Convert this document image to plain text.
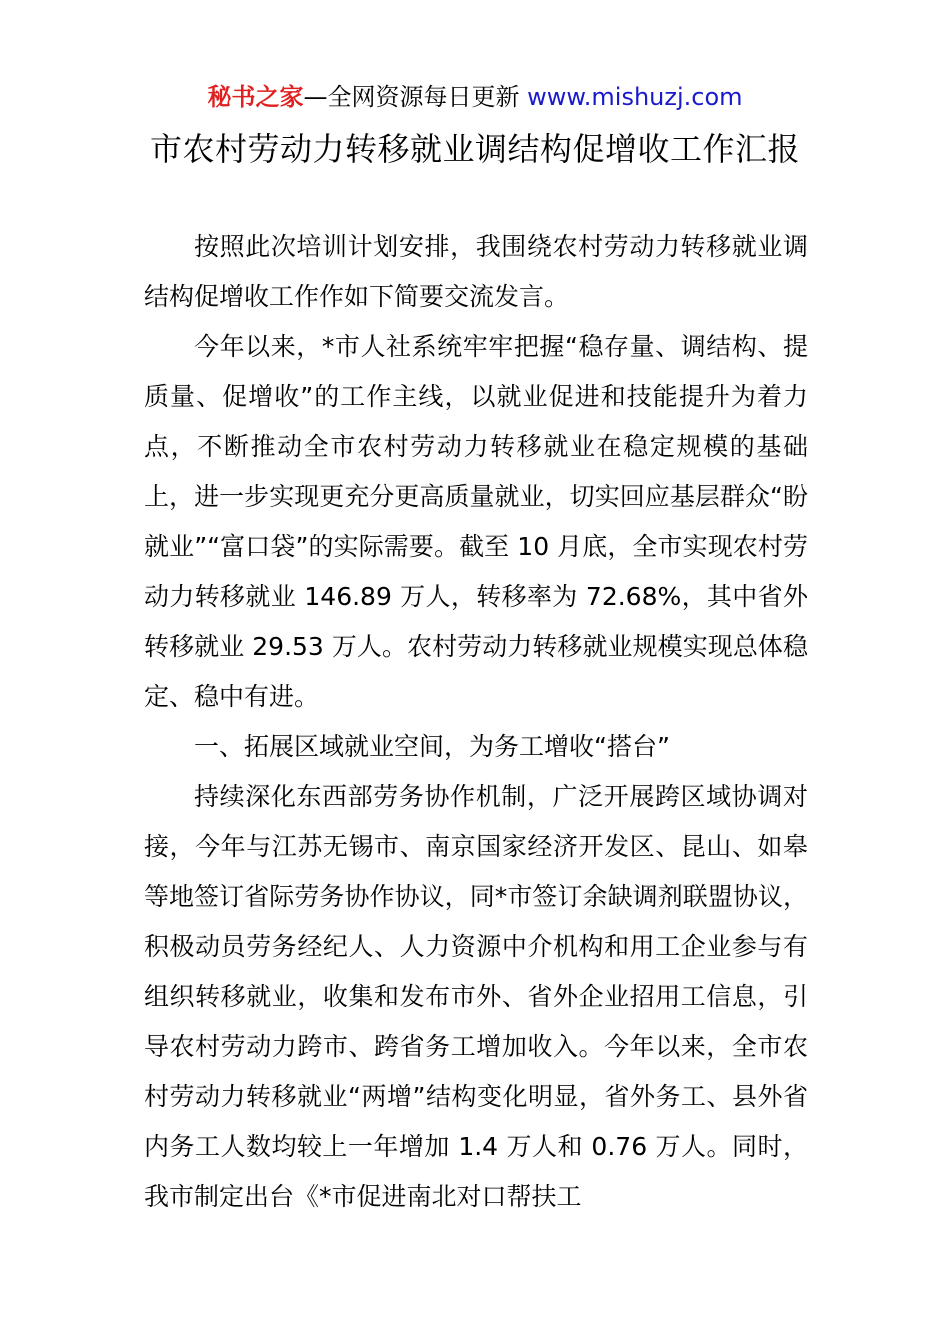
秘书之家—全网资源每日更新 www.mishuzj.com
市农村劳动力转移就业调结构促增收工作汇报

按照此次培训计划安排，我围绕农村劳动力转移就业调结构促增收工作作如下简要交流发言。

今年以来，*市人社系统牢牢把握“稳存量、调结构、提质量、促增收”的工作主线，以就业促进和技能提升为着力点，不断推动全市农村劳动力转移就业在稳定规模的基础上，进一步实现更充分更高质量就业，切实回应基层群众“盼就业”“富口袋”的实际需要。截至 10 月底，全市实现农村劳动力转移就业 146.89 万人，转移率为 72.68%，其中省外转移就业 29.53 万人。农村劳动力转移就业规模实现总体稳定、稳中有进。

一、拓展区域就业空间，为务工增收“搭台”

持续深化东西部劳务协作机制，广泛开展跨区域协调对接，今年与江苏无锡市、南京国家经济开发区、昆山、如皋等地签订省际劳务协作协议，同*市签订余缺调剂联盟协议，积极动员劳务经纪人、人力资源中介机构和用工企业参与有组织转移就业，收集和发布市外、省外企业招用工信息，引导农村劳动力跨市、跨省务工增加收入。今年以来，全市农村劳动力转移就业“两增”结构变化明显，省外务工、县外省内务工人数均较上一年增加 1.4 万人和 0.76 万人。同时，我市制定出台《*市促进南北对口帮扶工
